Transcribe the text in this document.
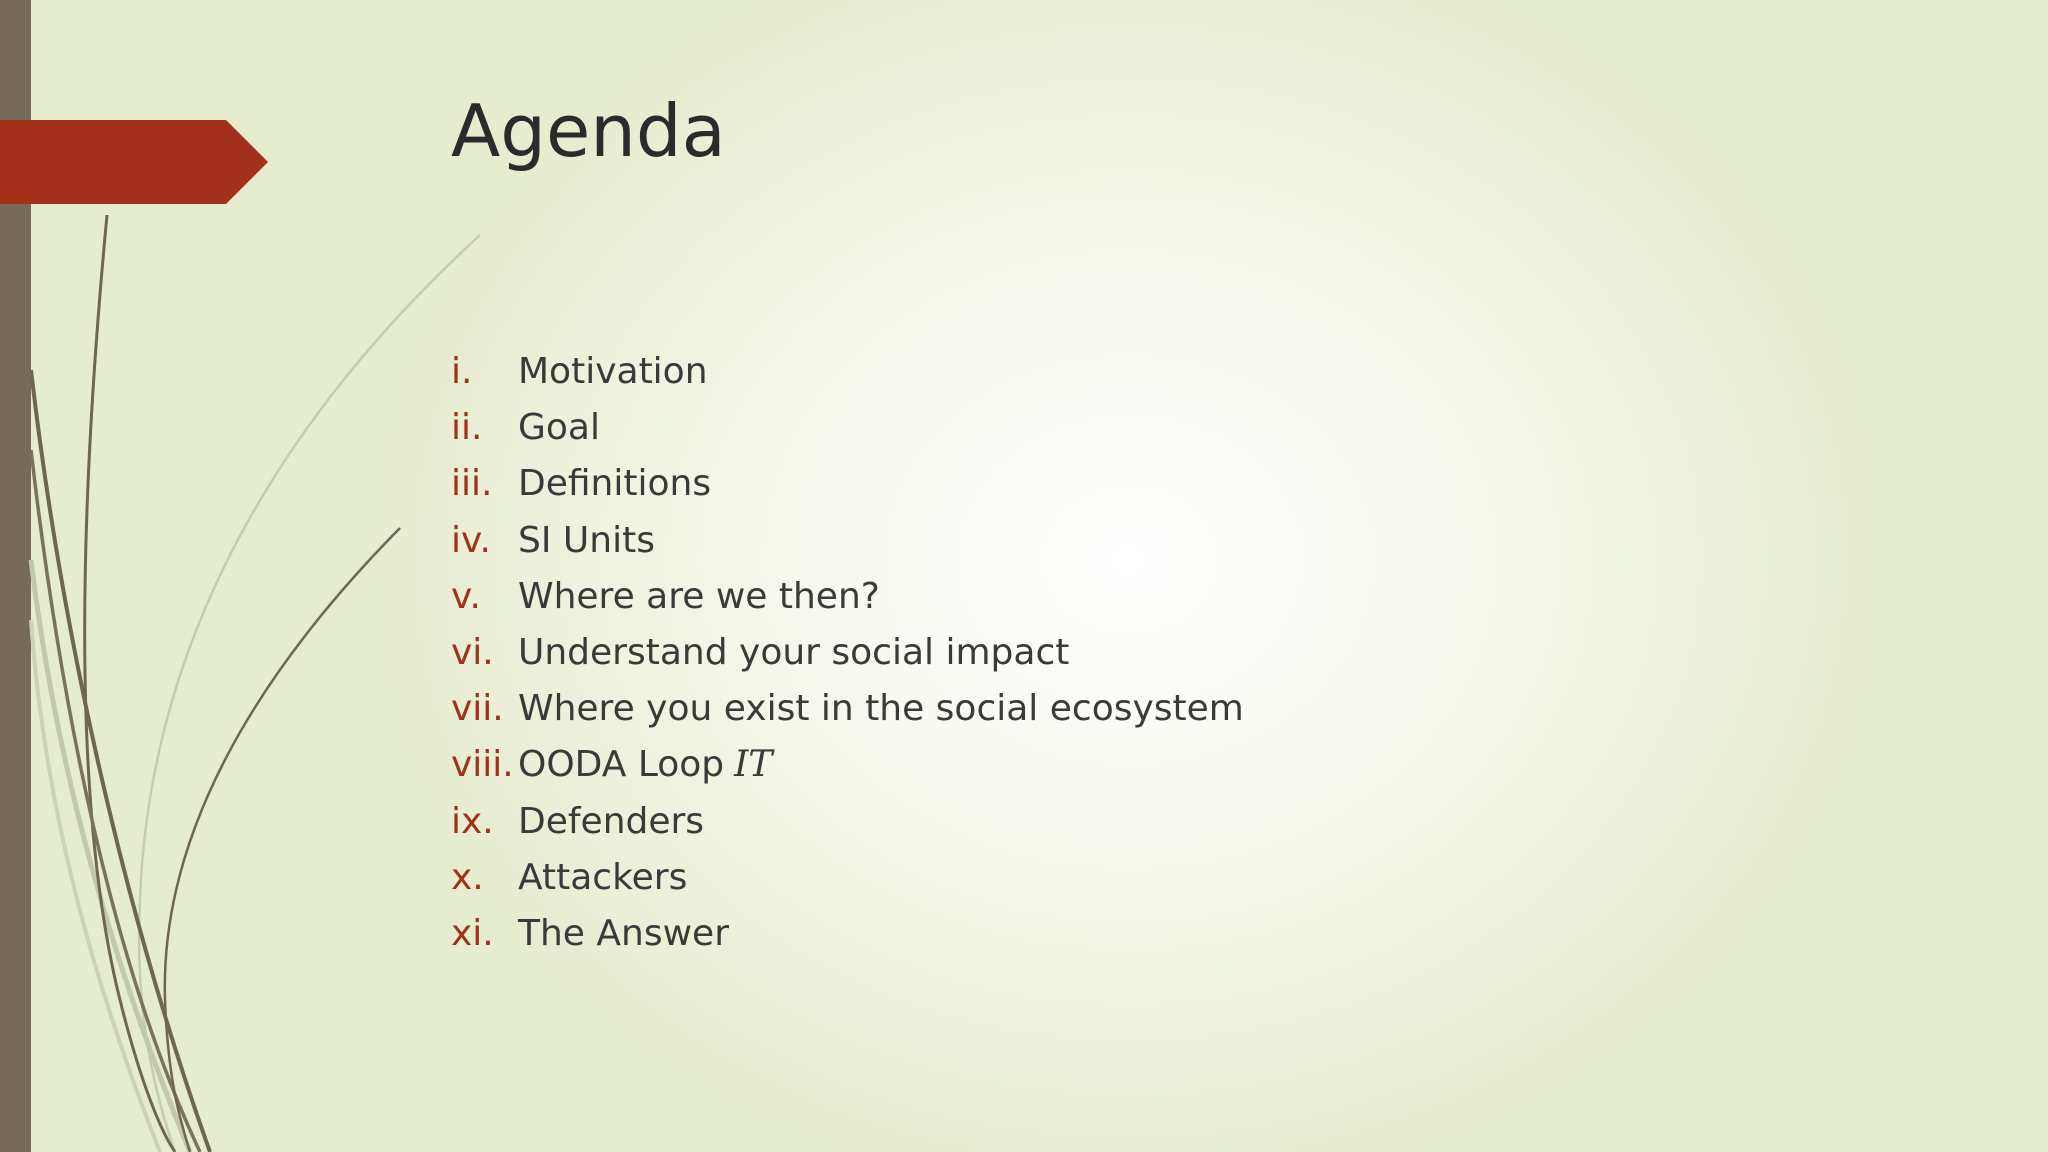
Agenda
i.	Motivation
ii. Goal
iii. Definitions
iv. SI Units
v.	Where are we then?
vi. Understand your social impact
vii. Where you exist in the social ecosystem
viii. OODA Loop IT
ix. Defenders
x. Attackers
xi. The Answer
